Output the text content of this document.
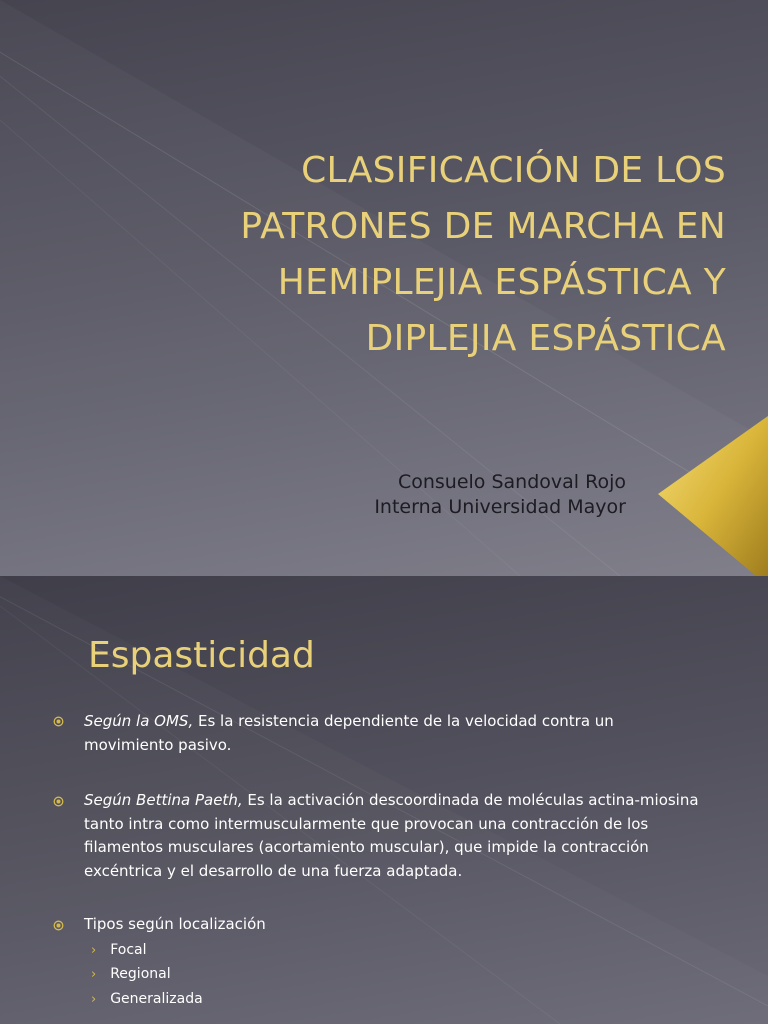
CLASIFICACIÓN DE LOS
PATRONES DE MARCHA EN
HEMIPLEJIA ESPÁSTICA Y
DIPLEJIA ESPÁSTICA
Consuelo Sandoval Rojo
Interna Universidad Mayor
Espasticidad
Según la OMS, Es la resistencia dependiente de la velocidad contra un movimiento pasivo.
Según Bettina Paeth, Es la activación descoordinada de moléculas actina-miosina tanto intra como intermuscularmente que provocan una contracción de los filamentos musculares (acortamiento muscular), que impide la contracción excéntrica y el desarrollo de una fuerza adaptada.
Tipos según localización
› Focal
› Regional
› Generalizada
